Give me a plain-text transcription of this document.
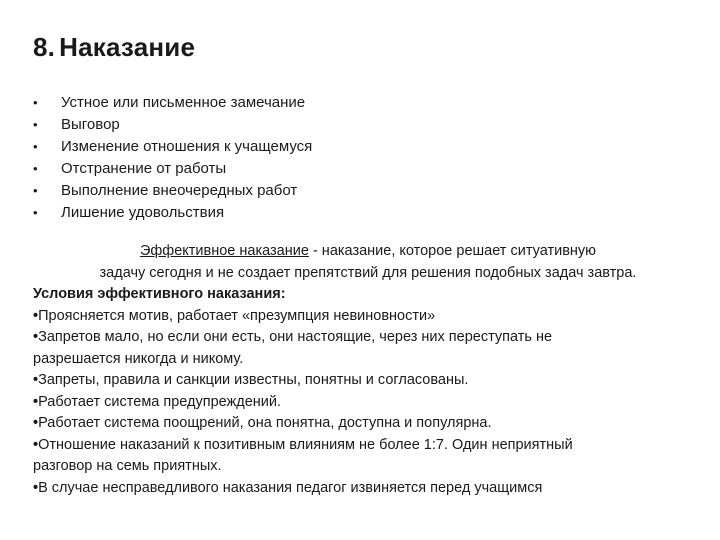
8. Наказание
• Устное или письменное замечание
• Выговор
• Изменение отношения к учащемуся
• Отстранение от работы
• Выполнение внеочередных работ
• Лишение удовольствия
Эффективное наказание - наказание, которое решает ситуативную
задачу сегодня и не создает препятствий для решения подобных задач завтра.
Условия эффективного наказания:
•Проясняется мотив, работает «презумпция невиновности»
•Запретов мало, но если они есть, они настоящие, через них переступать не
разрешается никогда и никому.
•Запреты, правила и санкции известны, понятны и согласованы.
•Работает система предупреждений.
•Работает система поощрений, она понятна, доступна и популярна.
•Отношение наказаний к позитивным влияниям не более 1:7. Один неприятный
разговор на семь приятных.
•В случае несправедливого наказания педагог извиняется перед учащимся
